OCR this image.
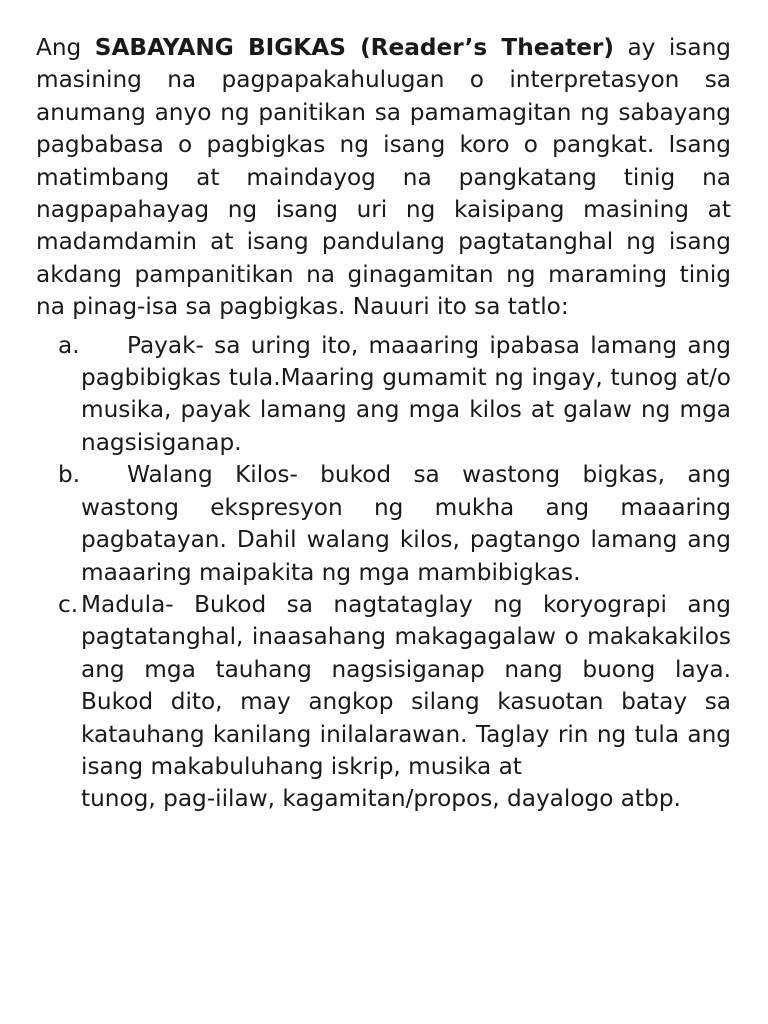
Ang SABAYANG BIGKAS (Reader’s Theater) ay isang masining na pagpapakahulugan o interpretasyon sa anumang anyo ng panitikan sa pamamagitan ng sabayang pagbabasa o pagbigkas ng isang koro o pangkat. Isang matimbang at maindayog na pangkatang tinig na nagpapahayag ng isang uri ng kaisipang masining at madamdamin at isang pandulang pagtatanghal ng isang akdang pampanitikan na ginagamitan ng maraming tinig na pinag-isa sa pagbigkas. Nauuri ito sa tatlo:

a. Payak- sa uring ito, maaaring ipabasa lamang ang pagbibigkas tula.Maaring gumamit ng ingay, tunog at/o musika, payak lamang ang mga kilos at galaw ng mga nagsisiganap.
b. Walang Kilos- bukod sa wastong bigkas, ang wastong ekspresyon ng mukha ang maaaring pagbatayan. Dahil walang kilos, pagtango lamang ang maaaring maipakita ng mga mambibigkas.
c. Madula- Bukod sa nagtataglay ng koryograpi ang pagtatanghal, inaasahang makagagalaw o makakakilos ang mga tauhang nagsisiganap nang buong laya. Bukod dito, may angkop silang kasuotan batay sa katauhang kanilang inilalarawan. Taglay rin ng tula ang isang makabuluhang iskrip, musika at
tunog, pag-iilaw, kagamitan/propos, dayalogo atbp.
